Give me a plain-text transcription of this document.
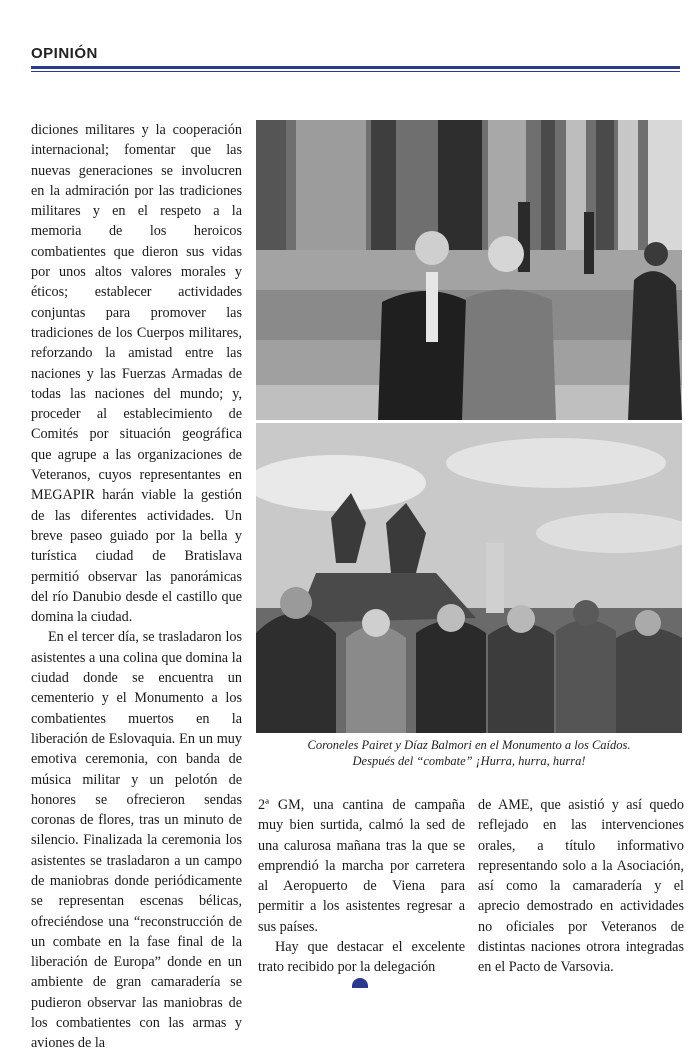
OPINIÓN

diciones militares y la cooperación internacional; fomentar que las nuevas generaciones se involucren en la admiración por las tradiciones militares y en el respeto a la memoria de los heroicos combatientes que dieron sus vidas por unos altos valores morales y éticos; establecer actividades conjuntas para promover las tradiciones de los Cuerpos militares, reforzando la amistad entre las naciones y las Fuerzas Armadas de todas las naciones del mundo; y, proceder al establecimiento de Comités por situación geográfica que agrupe a las organizaciones de Veteranos, cuyos representantes en MEGAPIR harán viable la gestión de las diferentes actividades. Un breve paseo guiado por la bella y turística ciudad de Bratislava permitió observar las panorámicas del río Danubio desde el castillo que domina la ciudad.

En el tercer día, se trasladaron los asistentes a una colina que domina la ciudad donde se encuentra un cementerio y el Monumento a los combatientes muertos en la liberación de Eslovaquia. En un muy emotiva ceremonia, con banda de música militar y un pelotón de honores se ofrecieron sendas coronas de flores, tras un minuto de silencio. Finalizada la ceremonia los asistentes se trasladaron a un campo de maniobras donde periódicamente se representan escenas bélicas, ofreciéndose una “reconstrucción de un combate en la fase final de la liberación de Europa” donde en un ambiente de gran camaradería se pudieron observar las maniobras de los combatientes con las armas y aviones de la

Coroneles Pairet y Díaz Balmori en el Monumento a los Caídos.
Después del “combate” ¡Hurra, hurra, hurra!

2ª GM, una cantina de campaña muy bien surtida, calmó la sed de una calurosa mañana tras la que se emprendió la marcha por carretera al Aeropuerto de Viena para permitir a los asistentes regresar a sus países.

Hay que destacar el excelente trato recibido por la delegación

de AME, que asistió y así quedo reflejado en las intervenciones orales, a título informativo representando solo a la Asociación, así como la camaradería y el aprecio demostrado en actividades no oficiales por Veteranos de distintas naciones otrora integradas en el Pacto de Varsovia.
